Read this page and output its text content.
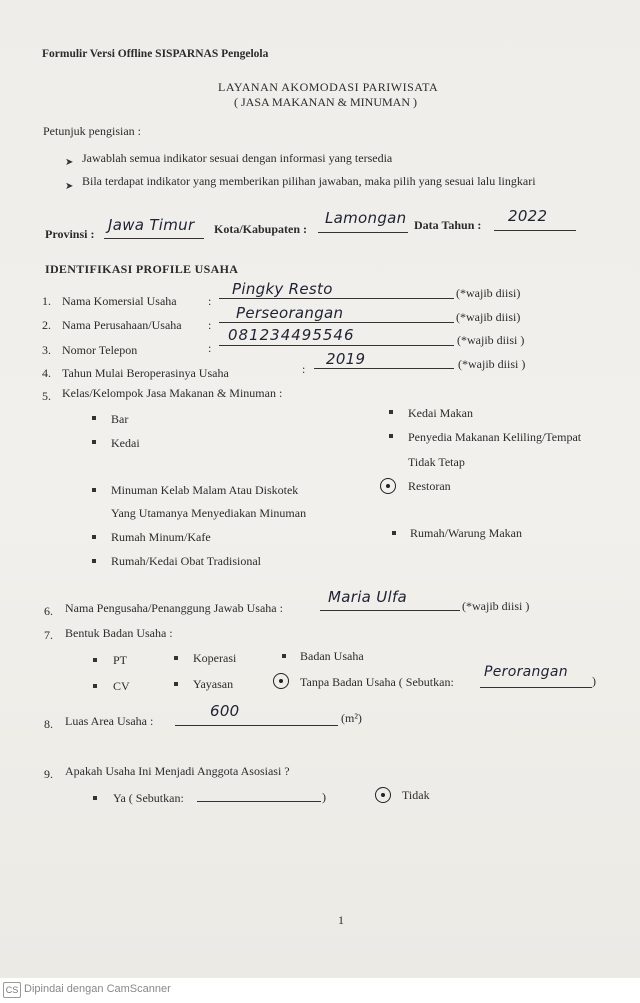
Formulir Versi Offline SISPARNAS Pengelola
LAYANAN AKOMODASI PARIWISATA
( JASA MAKANAN & MINUMAN )
Petunjuk pengisian :
➤ Jawablah semua indikator sesuai dengan informasi yang tersedia
➤ Bila terdapat indikator yang memberikan pilihan jawaban, maka pilih yang sesuai lalu lingkari
Provinsi : Jawa Timur Kota/Kabupaten :
Lamongan Data Tahun : 2022
IDENTIFIKASI PROFILE USAHA
1. Nama Komersial Usaha	:
Pingky Resto	(*wajib diisi)
2. Nama Perusahaan/Usaha :
Perseorangan	(*wajib diisi)
3. Nomor Telepon	:
081234495546	(*wajib diisi )
4. Tahun Mulai Beroperasinya Usaha	:
2019	(*wajib diisi )
5. Kelas/Kelompok Jasa Makanan & Minuman :
Bar
Kedai
Minuman Kelab Malam Atau Diskotek
Yang Utamanya Menyediakan Minuman
Rumah Minum/Kafe
Rumah/Kedai Obat Tradisional
Kedai Makan
Penyedia Makanan Keliling/Tempat
Tidak Tetap
Restoran
Rumah/Warung Makan
6. Nama Pengusaha/Penanggung Jawab Usaha :
Maria Ulfa	(*wajib diisi )
7. Bentuk Badan Usaha :
PT	Koperasi	Badan Usaha
CV	Yayasan	Tanpa Badan Usaha ( Sebutkan:
Perorangan
)
8. Luas Area Usaha :
600	(m²)
9. Apakah Usaha Ini Menjadi Anggota Asosiasi ?
Ya ( Sebutkan:	)	Tidak
1
CS Dipindai dengan CamScanner
